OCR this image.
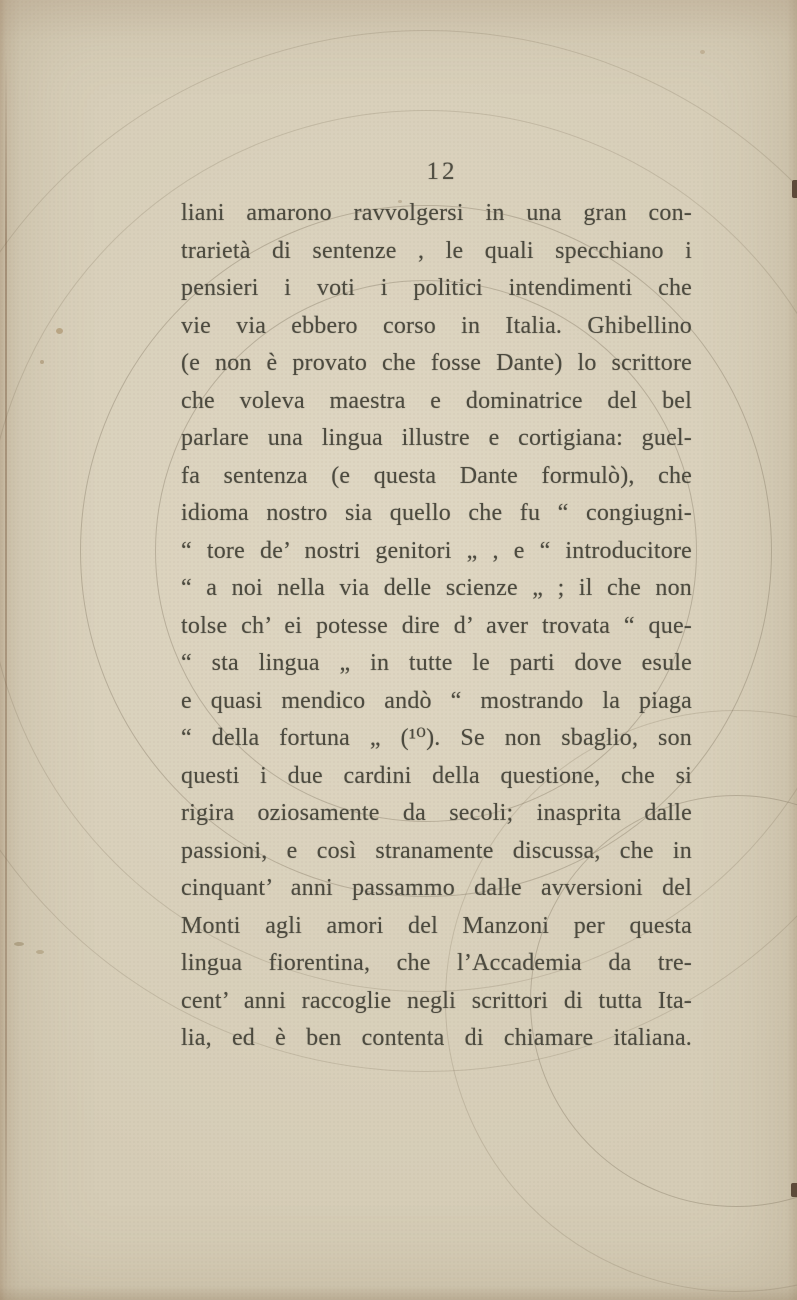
12
liani amarono ravvolgersi in una gran con-
trarietà di sentenze , le quali specchiano i
pensieri i voti i politici intendimenti che
vie via ebbero corso in Italia. Ghibellino
(e non è provato che fosse Dante) lo scrittore
che voleva maestra e dominatrice del bel
parlare una lingua illustre e cortigiana: guel-
fa sentenza (e questa Dante formulò), che
idioma nostro sia quello che fu “ congiugni-
“ tore de’ nostri genitori „ , e “ introducitore
“ a noi nella via delle scienze „ ; il che non
tolse ch’ ei potesse dire d’ aver trovata “ que-
“ sta lingua „ in tutte le parti dove esule
e quasi mendico andò “ mostrando la piaga
“ della fortuna „ (¹⁰). Se non sbaglio, son
questi i due cardini della questione, che si
rigira oziosamente da secoli; inasprita dalle
passioni, e così stranamente discussa, che in
cinquant’ anni passammo dalle avversioni del
Monti agli amori del Manzoni per questa
lingua fiorentina, che l’Accademia da tre-
cent’ anni raccoglie negli scrittori di tutta Ita-
lia, ed è ben contenta di chiamare italiana.
